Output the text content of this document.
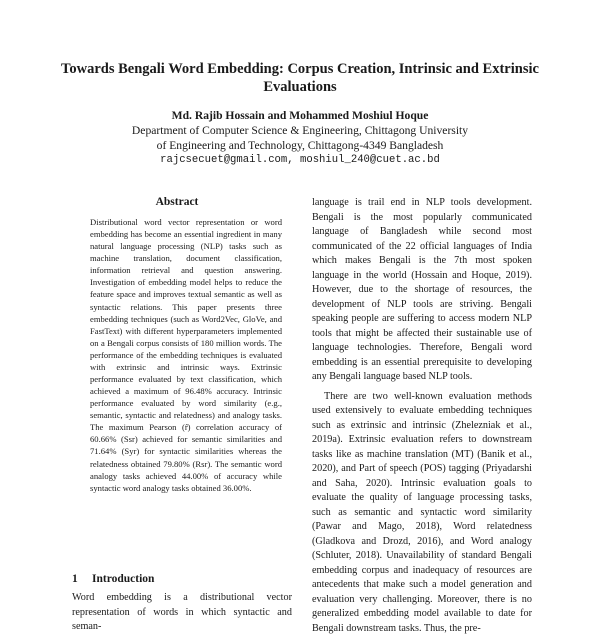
Towards Bengali Word Embedding: Corpus Creation, Intrinsic and Extrinsic Evaluations
Md. Rajib Hossain and Mohammed Moshiul Hoque
Department of Computer Science & Engineering, Chittagong University
of Engineering and Technology, Chittagong-4349 Bangladesh
rajcsecuet@gmail.com, moshiul_240@cuet.ac.bd
Abstract

Distributional word vector representation or word embedding has become an essential ingredient in many natural language processing (NLP) tasks such as machine translation, document classification, information retrieval and question answering. Investigation of embedding model helps to reduce the feature space and improves textual semantic as well as syntactic relations. This paper presents three embedding techniques (such as Word2Vec, GloVe, and FastText) with different hyperparameters implemented on a Bengali corpus consists of 180 million words. The performance of the embedding techniques is evaluated with extrinsic and intrinsic ways. Extrinsic performance evaluated by text classification, which achieved a maximum of 96.48% accuracy. Intrinsic performance evaluated by word similarity (e.g., semantic, syntactic and relatedness) and analogy tasks. The maximum Pearson (r̂) correlation accuracy of 60.66% (Ssr) achieved for semantic similarities and 71.64% (Syr) for syntactic similarities whereas the relatedness obtained 79.80% (Rsr). The semantic word analogy tasks achieved 44.00% of accuracy while syntactic word analogy tasks obtained 36.00%.

1 Introduction

Word embedding is a distributional vector representation of words in which syntactic and seman-

language is trail end in NLP tools development. Bengali is the most popularly communicated language of Bangladesh while second most communicated of the 22 official languages of India which makes Bengali is the 7th most spoken language in the world (Hossain and Hoque, 2019). However, due to the shortage of resources, the development of NLP tools are striving. Bengali speaking people are suffering to access modern NLP tools that might be affected their sustainable use of language technologies. Therefore, Bengali word embedding is an essential prerequisite to developing any Bengali language based NLP tools.

There are two well-known evaluation methods used extensively to evaluate embedding techniques such as extrinsic and intrinsic (Zhelezniak et al., 2019a). Extrinsic evaluation refers to downstream tasks like as machine translation (MT) (Banik et al., 2020), and Part of speech (POS) tagging (Priyadarshi and Saha, 2020). Intrinsic evaluation goals to evaluate the quality of language processing tasks, such as semantic and syntactic word similarity (Pawar and Mago, 2018), Word relatedness (Gladkova and Drozd, 2016), and Word analogy (Schluter, 2018). Unavailability of standard Bengali embedding corpus and inadequacy of resources are antecedents that make such a model generation and evaluation very challenging. Moreover, there is no generalized embedding model available to date for Bengali downstream tasks. Thus, the pre-
